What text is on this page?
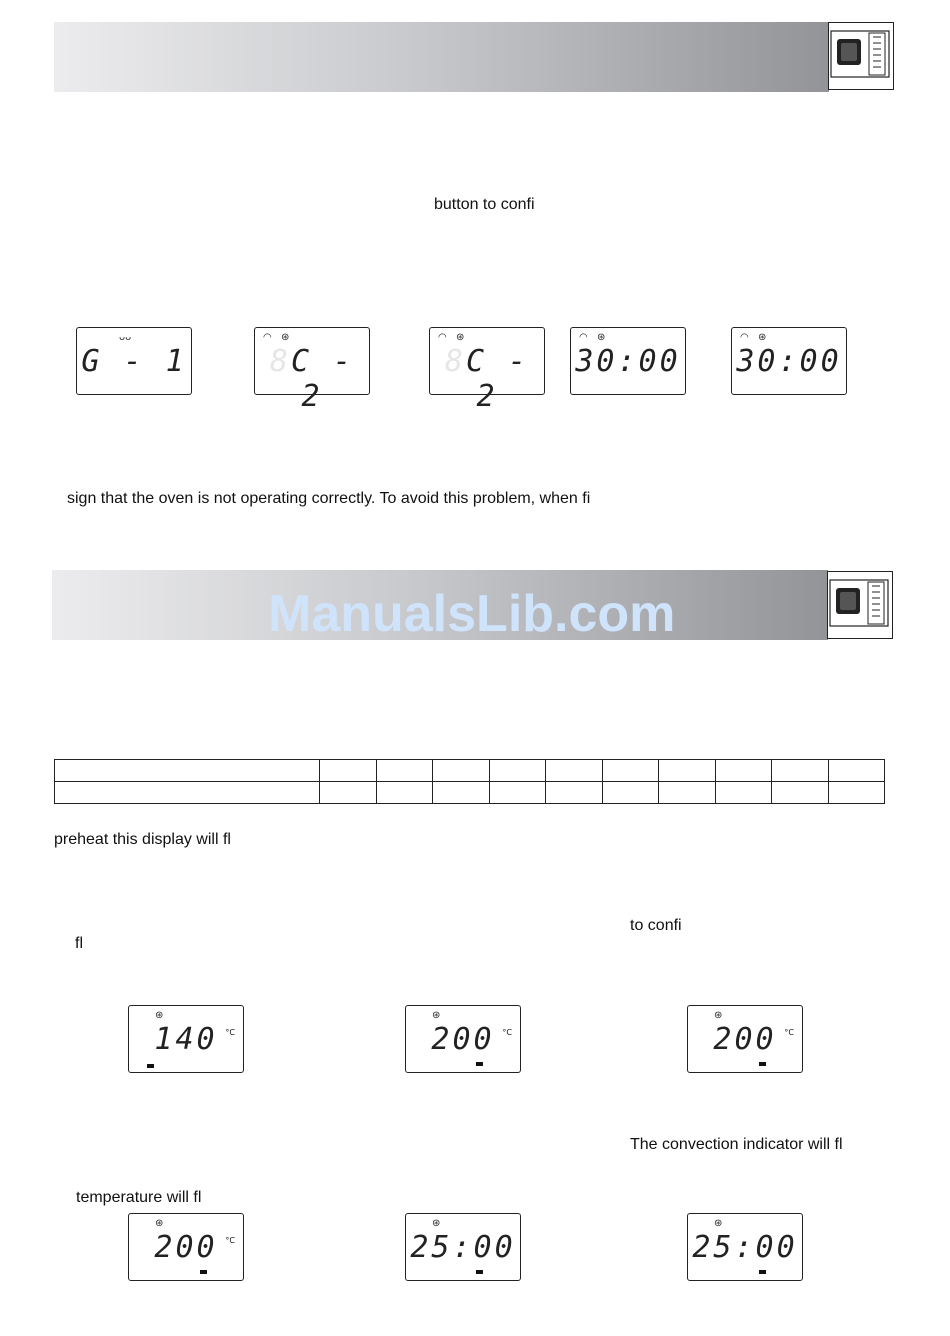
button to confi
ᴗᴗ
G - 1
◠ ⊛
8C - 2
◠ ⊛
8C - 2
◠ ⊛
30:00
◠ ⊛
30:00
sign that the oven is not operating correctly. To avoid this problem, when fi
ManualsLib.com

preheat this display will fl
to confi
fl
⊛
140 °C
⊛
200 °C
⊛
200 °C
The convection indicator will fl
temperature will fl
⊛
200 °C
⊛
25:00
⊛
25:00
